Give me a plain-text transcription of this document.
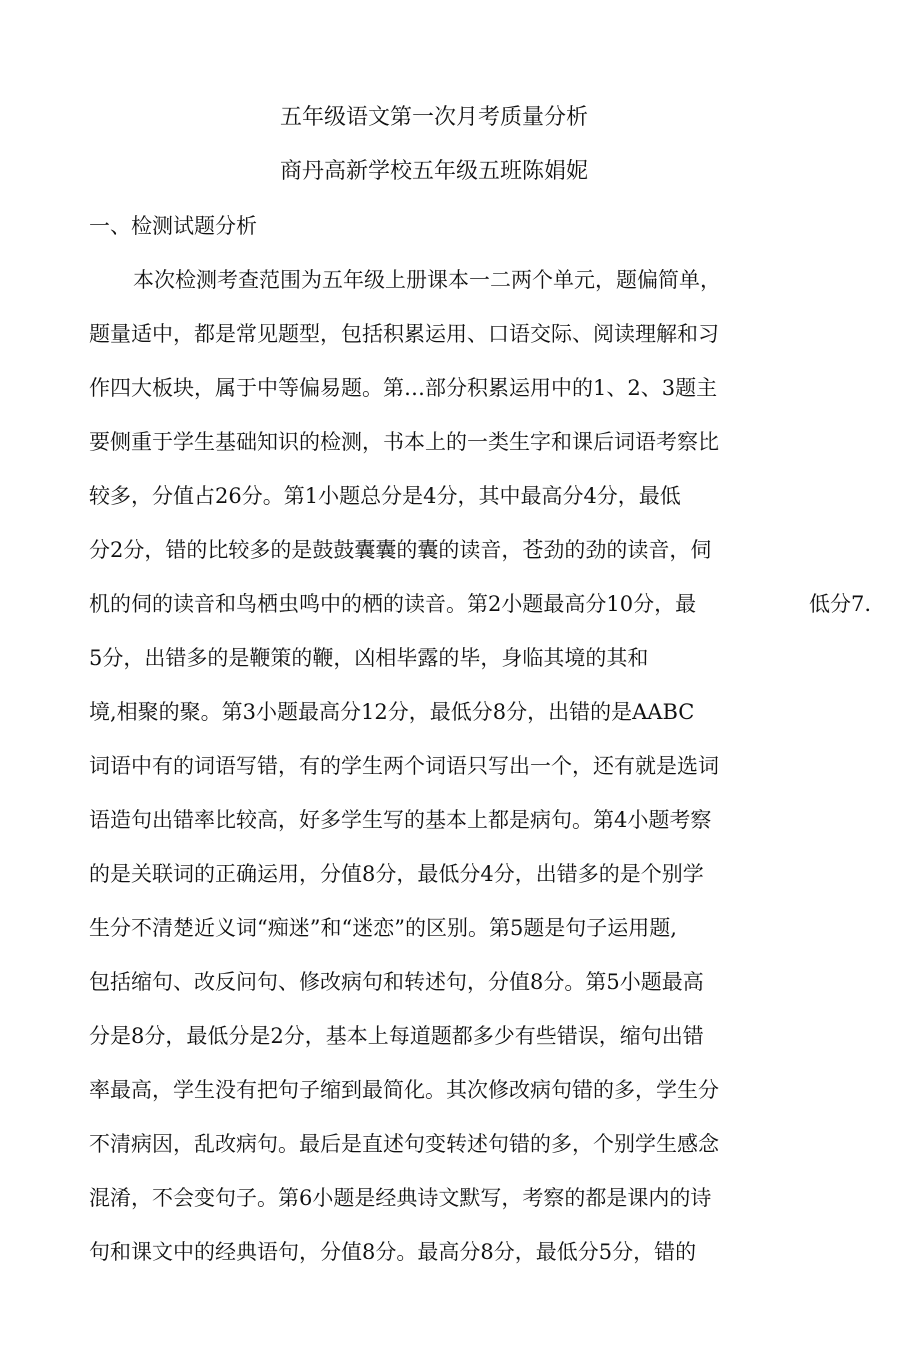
五年级语文第一次月考质量分析
商丹高新学校五年级五班陈娟妮
一、检测试题分析
本次检测考查范围为五年级上册课本一二两个单元，题偏简单，
题量适中，都是常见题型，包括积累运用、口语交际、阅读理解和习
作四大板块，属于中等偏易题。第…部分积累运用中的1、2、3题主
要侧重于学生基础知识的检测，书本上的一类生字和课后词语考察比
较多，分值占26分。第1小题总分是4分，其中最高分4分，最低
分2分，错的比较多的是鼓鼓囊囊的囊的读音，苍劲的劲的读音，伺
机的伺的读音和鸟栖虫鸣中的栖的读音。第2小题最高分10分，最	低分7.
5分，出错多的是鞭策的鞭，凶相毕露的毕，身临其境的其和
境,相聚的聚。第3小题最高分12分，最低分8分，出错的是AABC
词语中有的词语写错，有的学生两个词语只写出一个，还有就是选词
语造句出错率比较高，好多学生写的基本上都是病句。第4小题考察
的是关联词的正确运用，分值8分，最低分4分，出错多的是个别学
生分不清楚近义词“痴迷”和“迷恋”的区别。第5题是句子运用题,
包括缩句、改反问句、修改病句和转述句，分值8分。第5小题最高
分是8分，最低分是2分，基本上每道题都多少有些错误，缩句出错
率最高，学生没有把句子缩到最简化。其次修改病句错的多，学生分
不清病因，乱改病句。最后是直述句变转述句错的多，个别学生感念
混淆，不会变句子。第6小题是经典诗文默写，考察的都是课内的诗
句和课文中的经典语句，分值8分。最高分8分，最低分5分，错的
